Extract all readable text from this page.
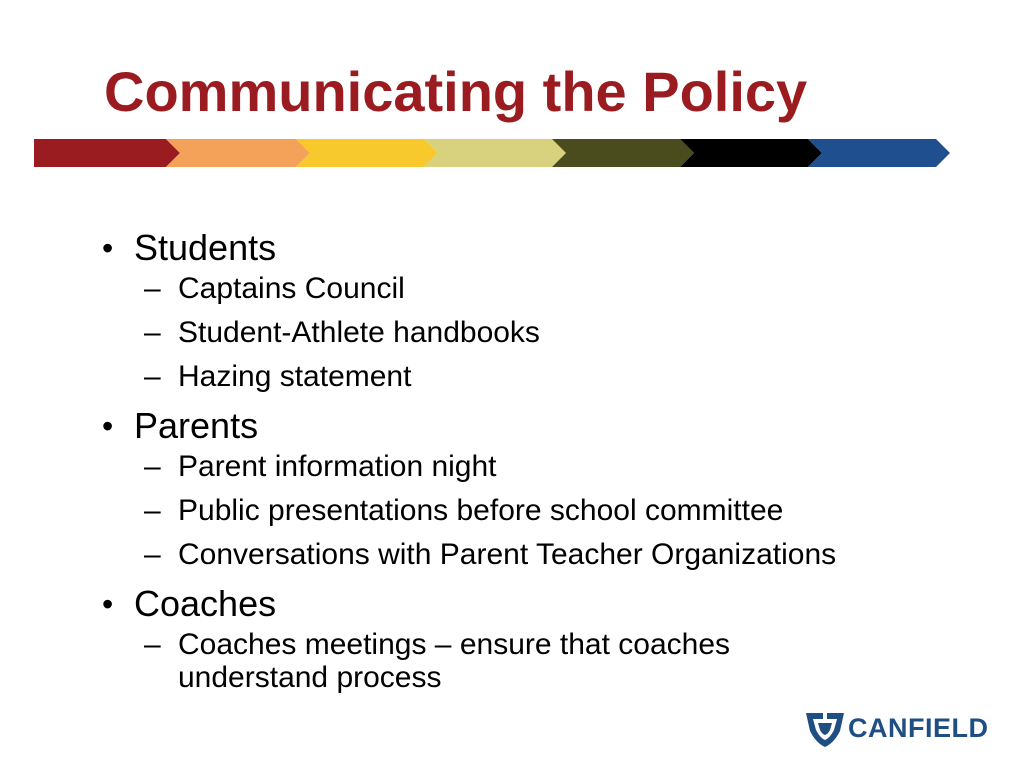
Communicating the Policy

• Students

– Captains Council

– Student-Athlete handbooks

– Hazing statement

• Parents

– Parent information night

– Public presentations before school committee

– Conversations with Parent Teacher Organizations

• Coaches

– Coaches meetings – ensure that coaches understand process

CANFIELD
